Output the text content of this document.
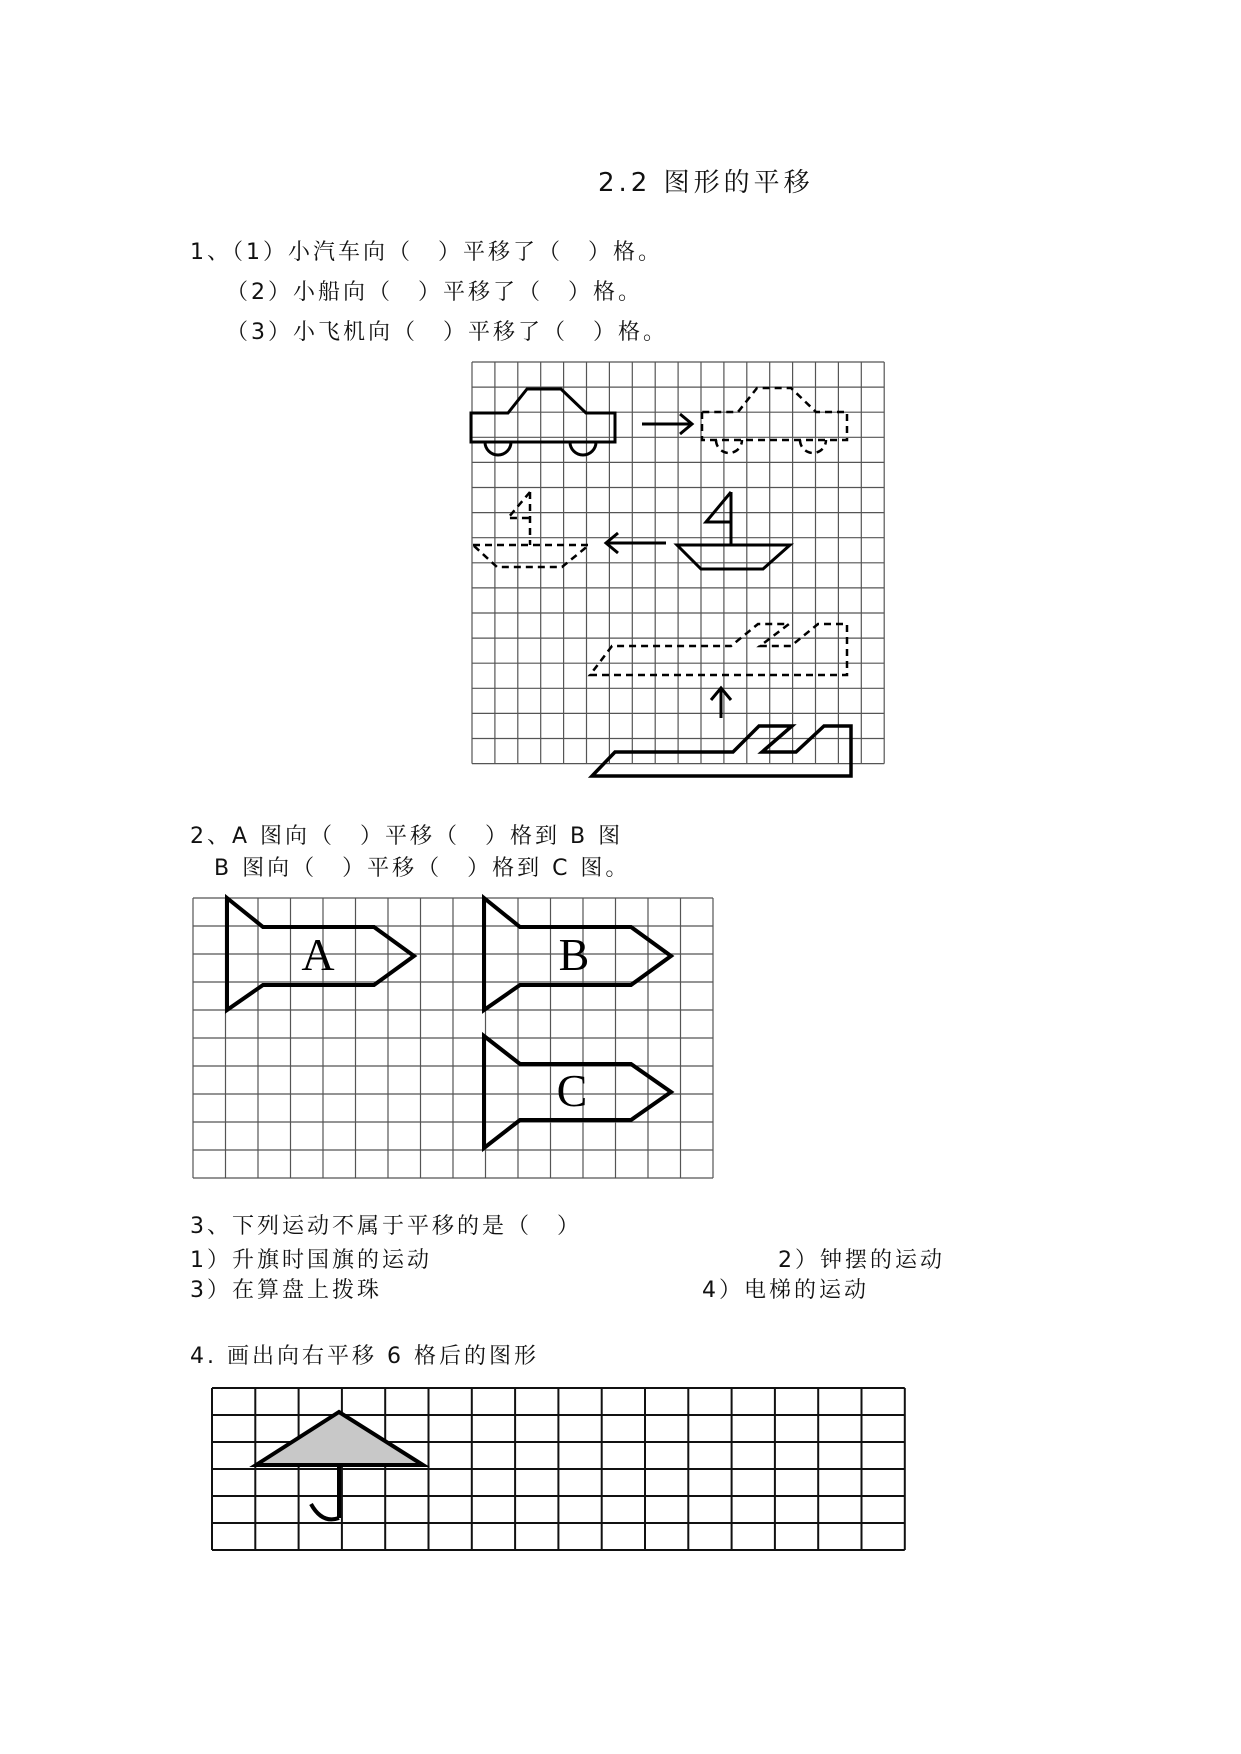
2.2 图形的平移
1、（1）小汽车向（　）平移了（　）格。
（2）小船向（　）平移了（　）格。
（3）小飞机向（　）平移了（　）格。
2、A 图向（　）平移（　）格到 B 图
B 图向（　）平移（　）格到 C 图。
3、下列运动不属于平移的是（　）
1）升旗时国旗的运动	2）钟摆的运动
3）在算盘上拨珠	4）电梯的运动
4. 画出向右平移 6 格后的图形
A	B
C
